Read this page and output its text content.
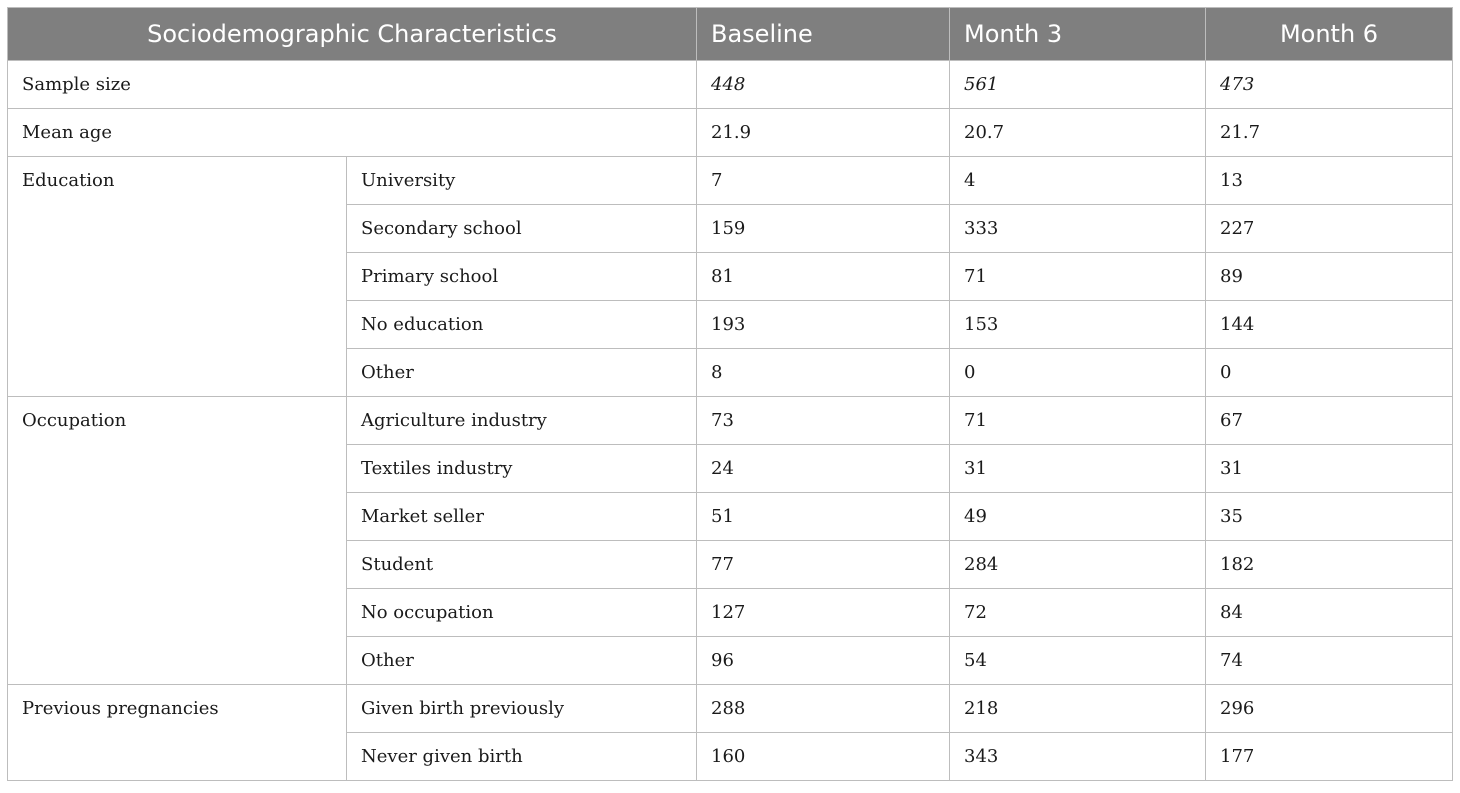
Sociodemographic Characteristics		Baseline	Month 3	Month 6
Sample size		448	561	473
Mean age		21.9	20.7	21.7
Education	University	7	4	13
	Secondary school	159	333	227
	Primary school	81	71	89
	No education	193	153	144
	Other	8	0	0
Occupation	Agriculture industry	73	71	67
	Textiles industry	24	31	31
	Market seller	51	49	35
	Student	77	284	182
	No occupation	127	72	84
	Other	96	54	74
Previous pregnancies	Given birth previously	288	218	296
	Never given birth	160	343	177
